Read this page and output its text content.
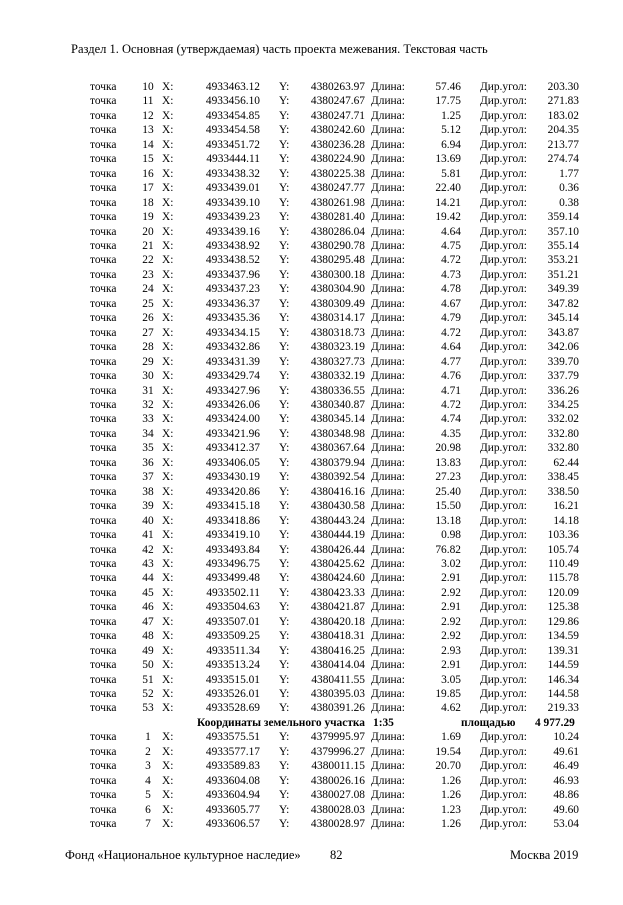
Раздел 1. Основная (утверждаемая) часть проекта межевания. Текстовая часть
точка	10	X:	4933463.12		Y:	4380263.97		Длина:	57.46		Дир.угол:	203.30
точка	11	X:	4933456.10		Y:	4380247.67		Длина:	17.75		Дир.угол:	271.83
точка	12	X:	4933454.85		Y:	4380247.71		Длина:	1.25		Дир.угол:	183.02
точка	13	X:	4933454.58		Y:	4380242.60		Длина:	5.12		Дир.угол:	204.35
точка	14	X:	4933451.72		Y:	4380236.28		Длина:	6.94		Дир.угол:	213.77
точка	15	X:	4933444.11		Y:	4380224.90		Длина:	13.69		Дир.угол:	274.74
точка	16	X:	4933438.32		Y:	4380225.38		Длина:	5.81		Дир.угол:	1.77
точка	17	X:	4933439.01		Y:	4380247.77		Длина:	22.40		Дир.угол:	0.36
точка	18	X:	4933439.10		Y:	4380261.98		Длина:	14.21		Дир.угол:	0.38
точка	19	X:	4933439.23		Y:	4380281.40		Длина:	19.42		Дир.угол:	359.14
точка	20	X:	4933439.16		Y:	4380286.04		Длина:	4.64		Дир.угол:	357.10
точка	21	X:	4933438.92		Y:	4380290.78		Длина:	4.75		Дир.угол:	355.14
точка	22	X:	4933438.52		Y:	4380295.48		Длина:	4.72		Дир.угол:	353.21
точка	23	X:	4933437.96		Y:	4380300.18		Длина:	4.73		Дир.угол:	351.21
точка	24	X:	4933437.23		Y:	4380304.90		Длина:	4.78		Дир.угол:	349.39
точка	25	X:	4933436.37		Y:	4380309.49		Длина:	4.67		Дир.угол:	347.82
точка	26	X:	4933435.36		Y:	4380314.17		Длина:	4.79		Дир.угол:	345.14
точка	27	X:	4933434.15		Y:	4380318.73		Длина:	4.72		Дир.угол:	343.87
точка	28	X:	4933432.86		Y:	4380323.19		Длина:	4.64		Дир.угол:	342.06
точка	29	X:	4933431.39		Y:	4380327.73		Длина:	4.77		Дир.угол:	339.70
точка	30	X:	4933429.74		Y:	4380332.19		Длина:	4.76		Дир.угол:	337.79
точка	31	X:	4933427.96		Y:	4380336.55		Длина:	4.71		Дир.угол:	336.26
точка	32	X:	4933426.06		Y:	4380340.87		Длина:	4.72		Дир.угол:	334.25
точка	33	X:	4933424.00		Y:	4380345.14		Длина:	4.74		Дир.угол:	332.02
точка	34	X:	4933421.96		Y:	4380348.98		Длина:	4.35		Дир.угол:	332.80
точка	35	X:	4933412.37		Y:	4380367.64		Длина:	20.98		Дир.угол:	332.80
точка	36	X:	4933406.05		Y:	4380379.94		Длина:	13.83		Дир.угол:	62.44
точка	37	X:	4933430.19		Y:	4380392.54		Длина:	27.23		Дир.угол:	338.45
точка	38	X:	4933420.86		Y:	4380416.16		Длина:	25.40		Дир.угол:	338.50
точка	39	X:	4933415.18		Y:	4380430.58		Длина:	15.50		Дир.угол:	16.21
точка	40	X:	4933418.86		Y:	4380443.24		Длина:	13.18		Дир.угол:	14.18
точка	41	X:	4933419.10		Y:	4380444.19		Длина:	0.98		Дир.угол:	103.36
точка	42	X:	4933493.84		Y:	4380426.44		Длина:	76.82		Дир.угол:	105.74
точка	43	X:	4933496.75		Y:	4380425.62		Длина:	3.02		Дир.угол:	110.49
точка	44	X:	4933499.48		Y:	4380424.60		Длина:	2.91		Дир.угол:	115.78
точка	45	X:	4933502.11		Y:	4380423.33		Длина:	2.92		Дир.угол:	120.09
точка	46	X:	4933504.63		Y:	4380421.87		Длина:	2.91		Дир.угол:	125.38
точка	47	X:	4933507.01		Y:	4380420.18		Длина:	2.92		Дир.угол:	129.86
точка	48	X:	4933509.25		Y:	4380418.31		Длина:	2.92		Дир.угол:	134.59
точка	49	X:	4933511.34		Y:	4380416.25		Длина:	2.93		Дир.угол:	139.31
точка	50	X:	4933513.24		Y:	4380414.04		Длина:	2.91		Дир.угол:	144.59
точка	51	X:	4933515.01		Y:	4380411.55		Длина:	3.05		Дир.угол:	146.34
точка	52	X:	4933526.01		Y:	4380395.03		Длина:	19.85		Дир.угол:	144.58
точка	53	X:	4933528.69		Y:	4380391.26		Длина:	4.62		Дир.угол:	219.33
Координаты земельного участка								1:35		площадью		4 977.29
точка	1	X:	4933575.51		Y:	4379995.97		Длина:	1.69		Дир.угол:	10.24
точка	2	X:	4933577.17		Y:	4379996.27		Длина:	19.54		Дир.угол:	49.61
точка	3	X:	4933589.83		Y:	4380011.15		Длина:	20.70		Дир.угол:	46.49
точка	4	X:	4933604.08		Y:	4380026.16		Длина:	1.26		Дир.угол:	46.93
точка	5	X:	4933604.94		Y:	4380027.08		Длина:	1.26		Дир.угол:	48.86
точка	6	X:	4933605.77		Y:	4380028.03		Длина:	1.23		Дир.угол:	49.60
точка	7	X:	4933606.57		Y:	4380028.97		Длина:	1.26		Дир.угол:	53.04
Фонд «Национальное культурное наследие» 82	Москва 2019
